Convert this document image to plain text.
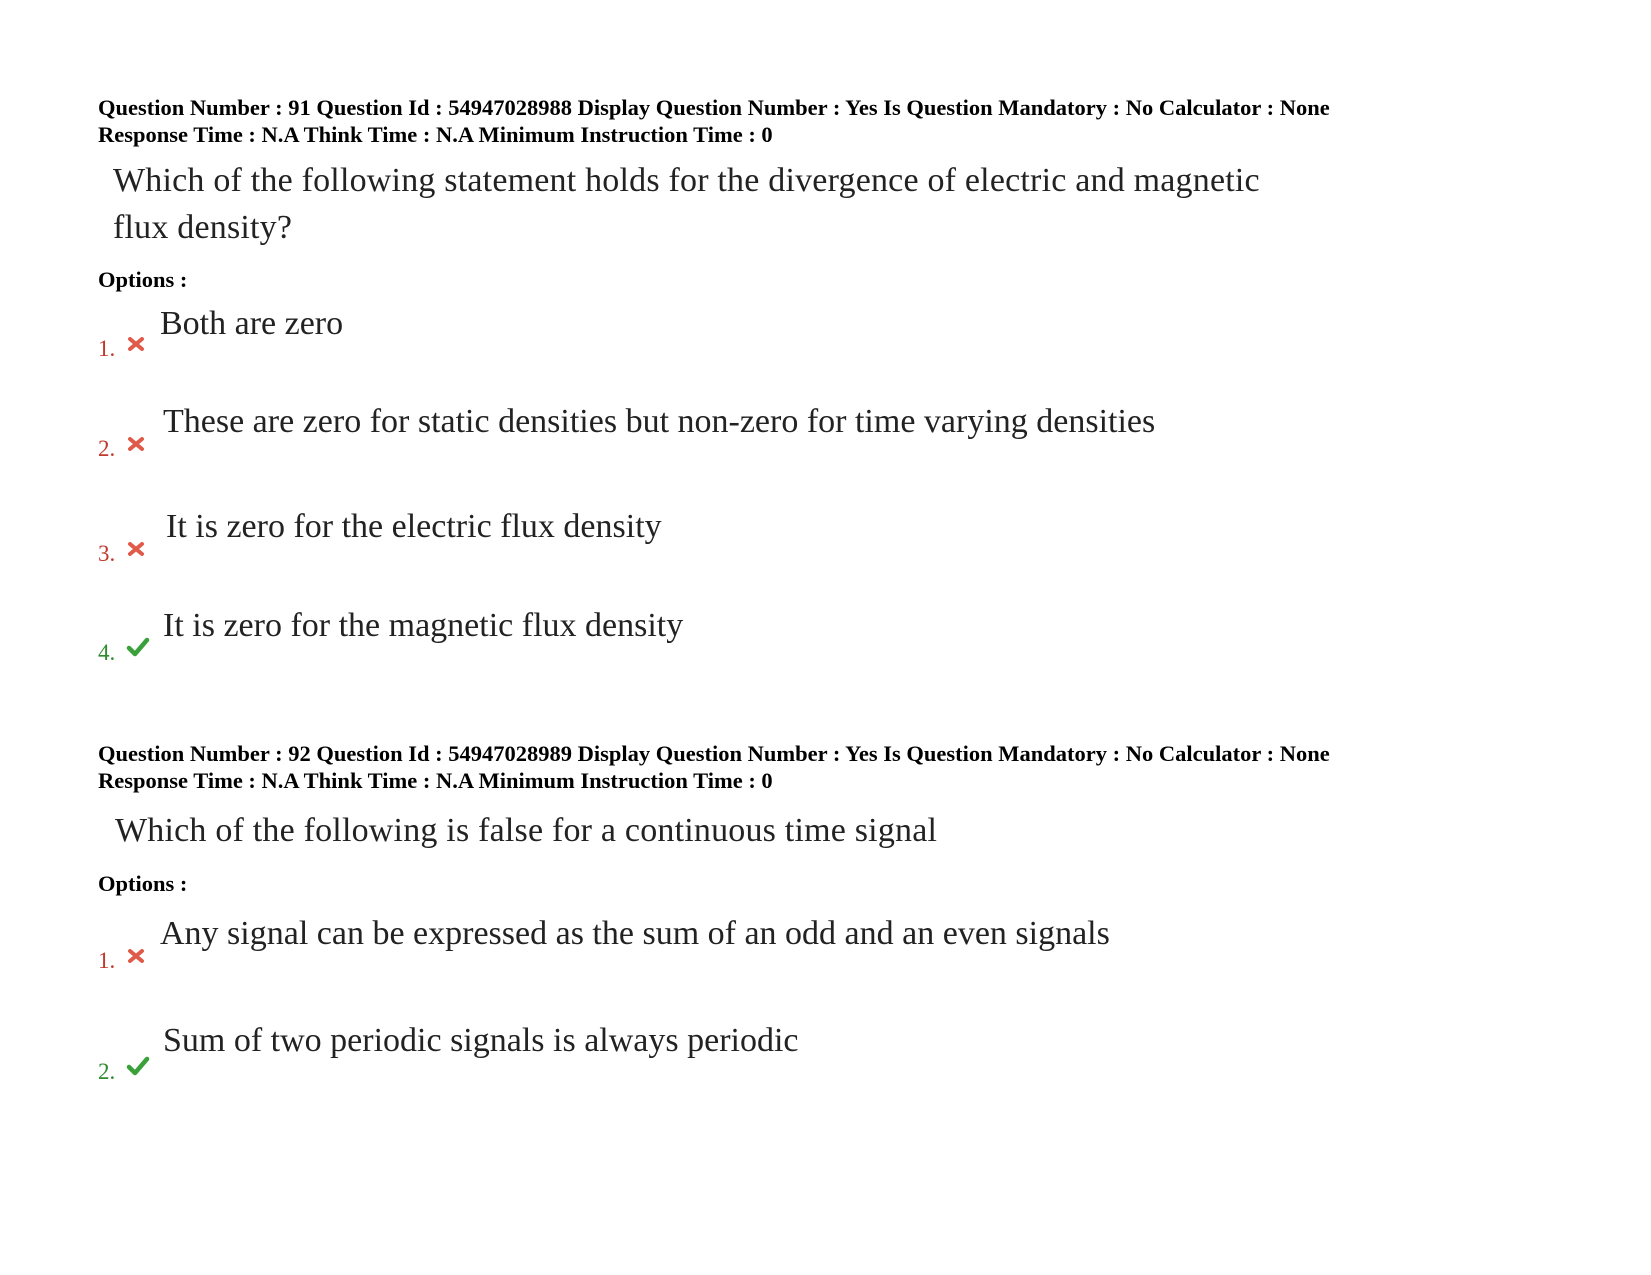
Question Number : 91 Question Id : 54947028988 Display Question Number : Yes Is Question Mandatory : No Calculator : None
Response Time : N.A Think Time : N.A Minimum Instruction Time : 0
Which of the following statement holds for the divergence of electric and magnetic
flux density?
Options :
1.
Both are zero
2.
These are zero for static densities but non-zero for time varying densities
3.
It is zero for the electric flux density
4.
It is zero for the magnetic flux density
Question Number : 92 Question Id : 54947028989 Display Question Number : Yes Is Question Mandatory : No Calculator : None
Response Time : N.A Think Time : N.A Minimum Instruction Time : 0
Which of the following is false for a continuous time signal
Options :
1.
Any signal can be expressed as the sum of an odd and an even signals
2.
Sum of two periodic signals is always periodic
